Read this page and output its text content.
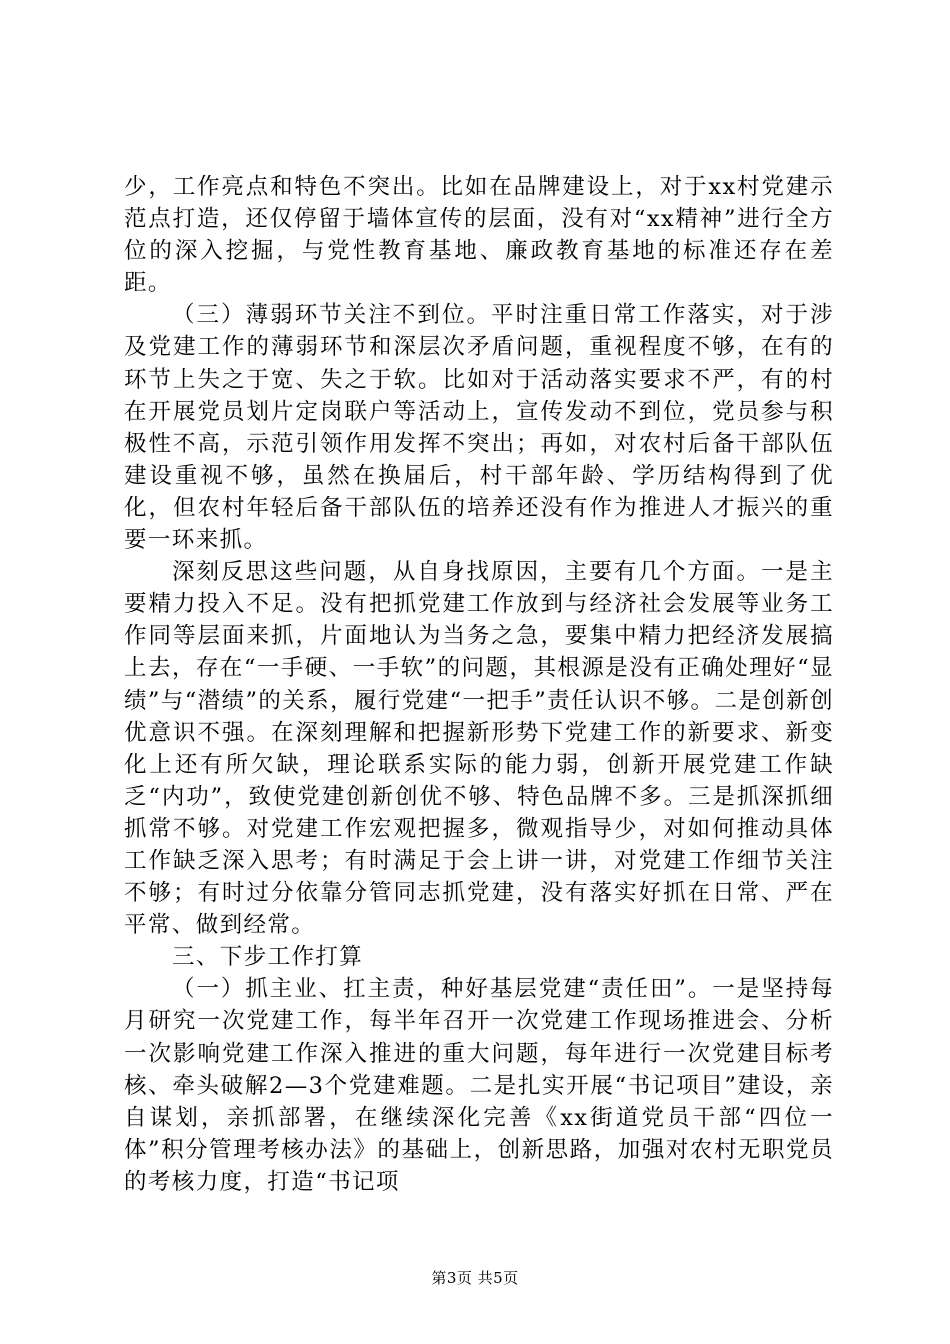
少，工作亮点和特色不突出。比如在品牌建设上，对于xx村党建示范点打造，还仅停留于墙体宣传的层面，没有对“xx精神”进行全方位的深入挖掘，与党性教育基地、廉政教育基地的标准还存在差距。

（三）薄弱环节关注不到位。平时注重日常工作落实，对于涉及党建工作的薄弱环节和深层次矛盾问题，重视程度不够，在有的环节上失之于宽、失之于软。比如对于活动落实要求不严，有的村在开展党员划片定岗联户等活动上，宣传发动不到位，党员参与积极性不高，示范引领作用发挥不突出；再如，对农村后备干部队伍建设重视不够，虽然在换届后，村干部年龄、学历结构得到了优化，但农村年轻后备干部队伍的培养还没有作为推进人才振兴的重要一环来抓。

深刻反思这些问题，从自身找原因，主要有几个方面。一是主要精力投入不足。没有把抓党建工作放到与经济社会发展等业务工作同等层面来抓，片面地认为当务之急，要集中精力把经济发展搞上去，存在“一手硬、一手软”的问题，其根源是没有正确处理好“显绩”与“潜绩”的关系，履行党建“一把手”责任认识不够。二是创新创优意识不强。在深刻理解和把握新形势下党建工作的新要求、新变化上还有所欠缺，理论联系实际的能力弱，创新开展党建工作缺乏“内功”，致使党建创新创优不够、特色品牌不多。三是抓深抓细抓常不够。对党建工作宏观把握多，微观指导少，对如何推动具体工作缺乏深入思考；有时满足于会上讲一讲，对党建工作细节关注不够；有时过分依靠分管同志抓党建，没有落实好抓在日常、严在平常、做到经常。

三、下步工作打算

（一）抓主业、扛主责，种好基层党建“责任田”。一是坚持每月研究一次党建工作，每半年召开一次党建工作现场推进会、分析一次影响党建工作深入推进的重大问题，每年进行一次党建目标考核、牵头破解2—3个党建难题。二是扎实开展“书记项目”建设，亲自谋划，亲抓部署，在继续深化完善《xx街道党员干部“四位一体”积分管理考核办法》的基础上，创新思路，加强对农村无职党员的考核力度，打造“书记项

第3页 共5页
